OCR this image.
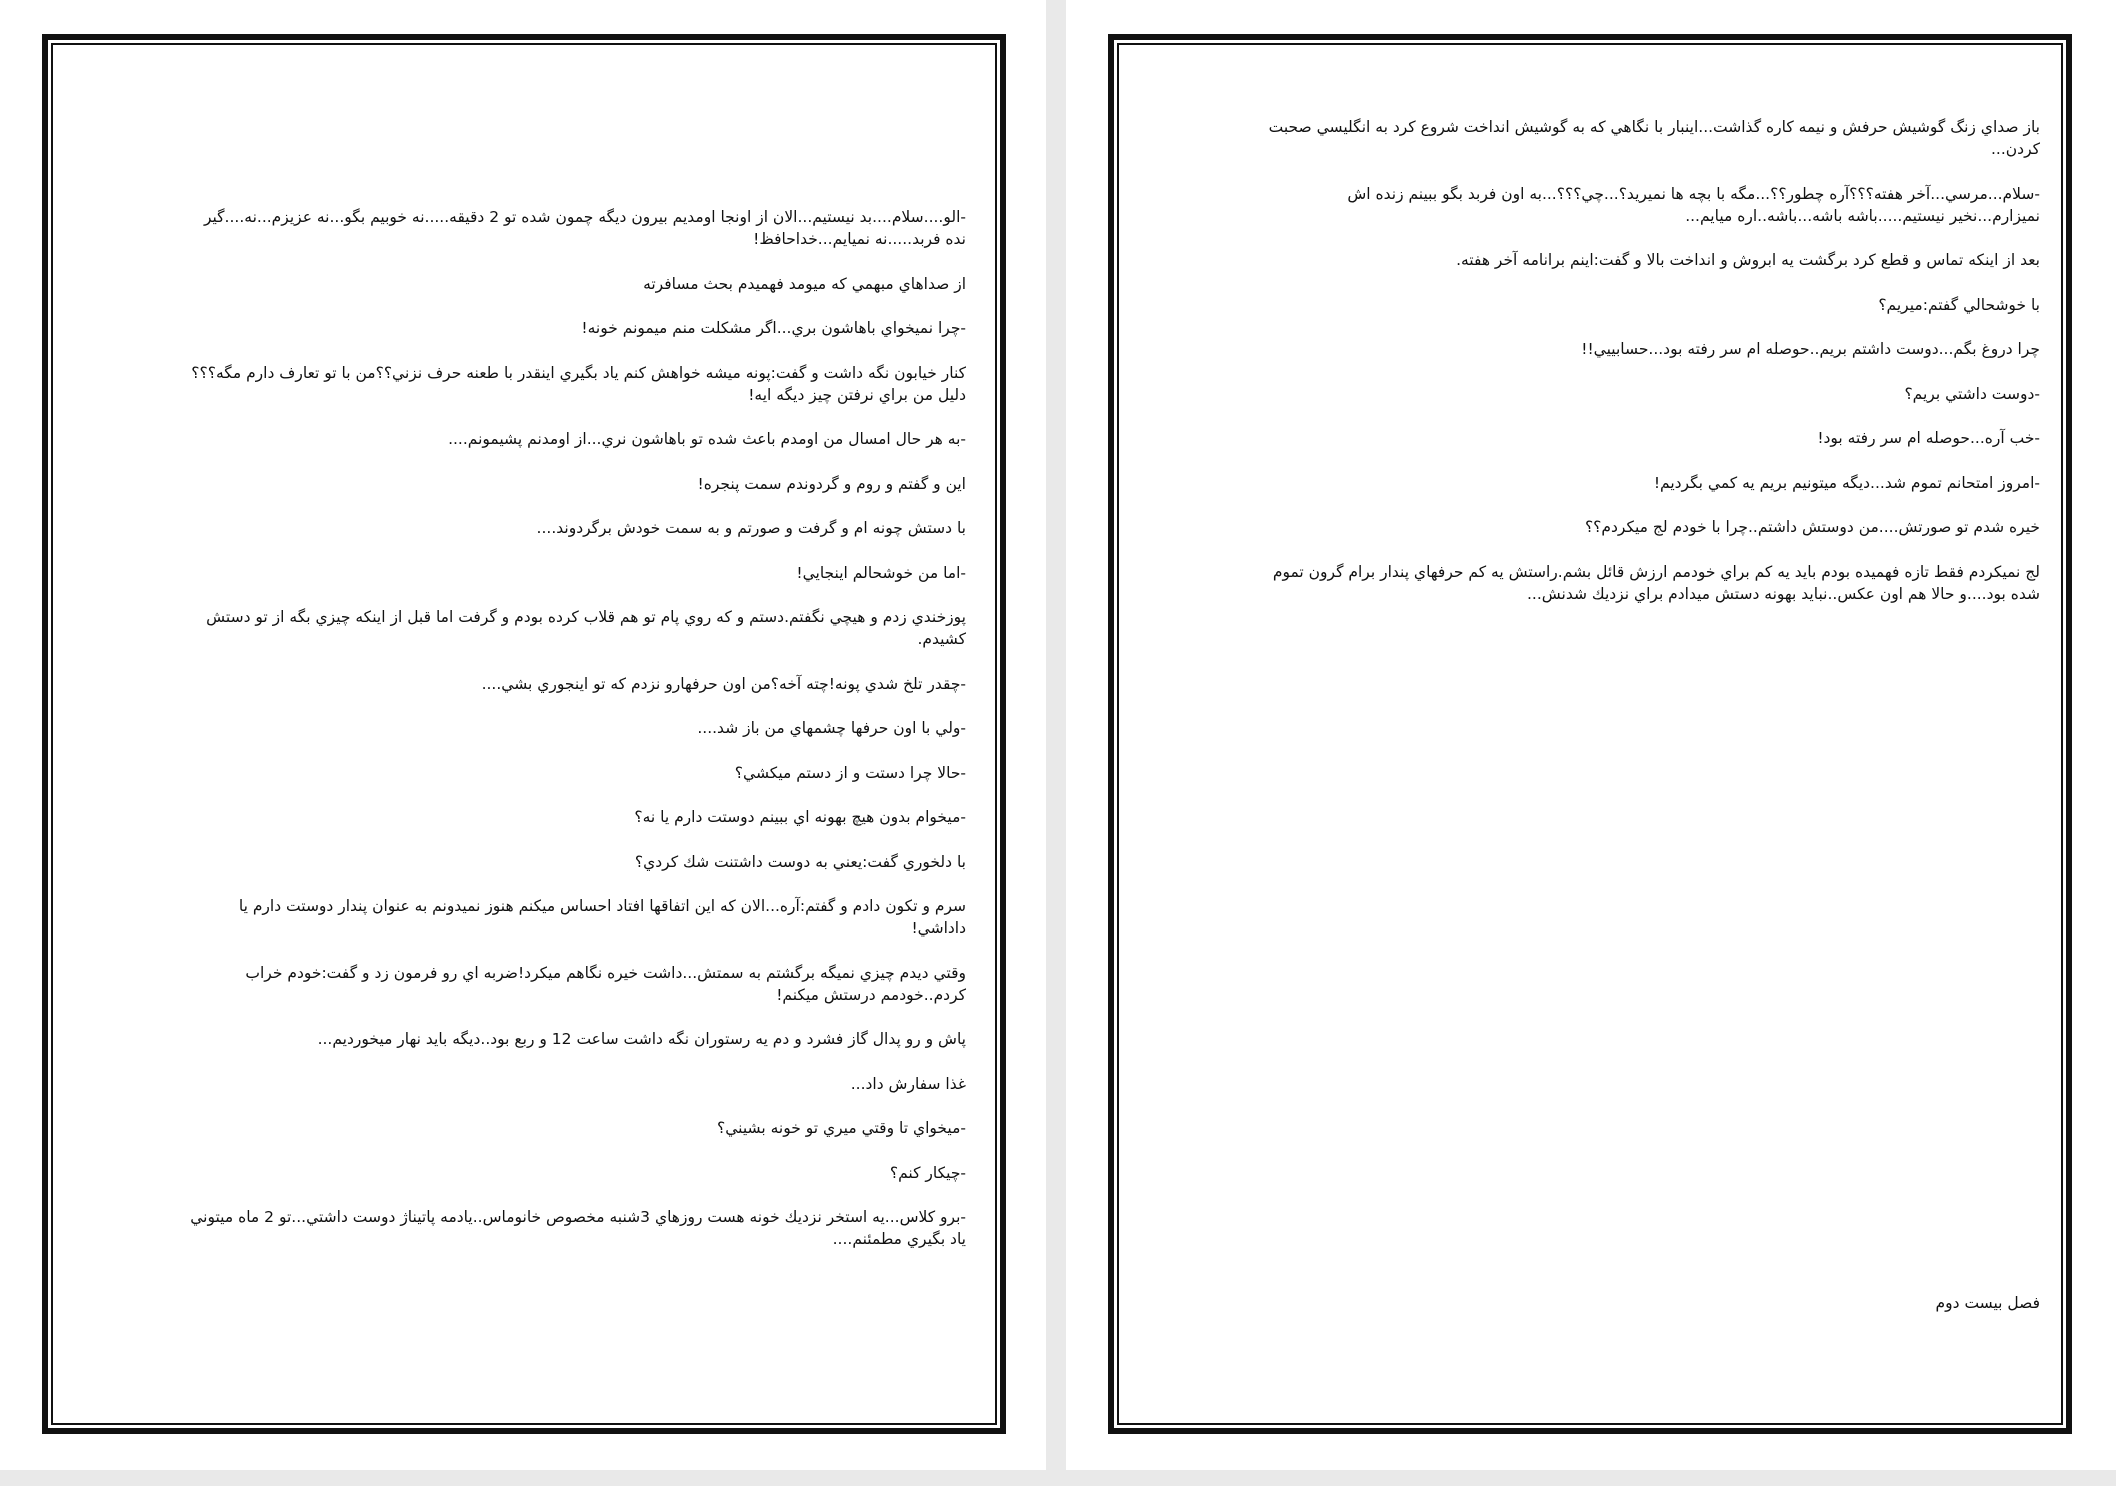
-الو....سلام....بد نيستيم...الان از اونجا اومديم بيرون ديگه چمون شده تو 2 دقيقه.....نه خوبيم بگو...نه عزيزم...نه....گير نده فربد.....نه نميايم...خداحافظ!

از صداهاي مبهمي كه ميومد فهميدم بحث مسافرته

-چرا نميخواي باهاشون بري...اگر مشكلت منم ميمونم خونه!

كنار خيابون نگه داشت و گفت:پونه ميشه خواهش كنم ياد بگيري اينقدر با طعنه حرف نزني؟؟من با تو تعارف دارم مگه؟؟؟دليل من براي نرفتن چيز ديگه ايه!

-به هر حال امسال من اومدم باعث شده تو باهاشون نري...از اومدنم پشيمونم....

اين و گفتم و روم و گردوندم سمت پنجره!

با دستش چونه ام و گرفت و صورتم و به سمت خودش برگردوند....

-اما من خوشحالم اينجايي!

پوزخندي زدم و هيچي نگفتم.دستم و كه روي پام تو هم قلاب كرده بودم و گرفت اما قبل از اينكه چيزي بگه از تو دستش كشيدم.

-چقدر تلخ شدي پونه!چته آخه؟من اون حرفهارو نزدم كه تو اينجوري بشي....

-ولي با اون حرفها چشمهاي من باز شد....

-حالا چرا دستت و از دستم ميكشي؟

-ميخوام بدون هيچ بهونه اي ببينم دوستت دارم يا نه؟

با دلخوري گفت:يعني به دوست داشتنت شك كردي؟

سرم و تكون دادم و گفتم:آره...الان كه اين اتفاقها افتاد احساس ميكنم هنوز نميدونم به عنوان پندار دوستت دارم يا داداشي!

وقتي ديدم چيزي نميگه برگشتم به سمتش...داشت خيره نگاهم ميكرد!ضربه اي رو فرمون زد و گفت:خودم خراب كردم..خودمم درستش ميكنم!

پاش و رو پدال گاز فشرد و دم يه رستوران نگه داشت ساعت 12 و ربع بود..ديگه بايد نهار ميخورديم...

غذا سفارش داد...

-ميخواي تا وقتي ميري تو خونه بشيني؟

-چيكار كنم؟

-برو كلاس...يه استخر نزديك خونه هست روزهاي 3شنبه مخصوص خانوماس..يادمه پاتيناژ دوست داشتي...تو 2 ماه ميتوني ياد بگيري مطمئنم....

باز صداي زنگ گوشيش حرفش و نيمه كاره گذاشت...اينبار با نگاهي كه به گوشيش انداخت شروع كرد به انگليسي صحبت كردن...

-سلام...مرسي...آخر هفته؟؟؟آره چطور؟؟...مگه با بچه ها نميريد؟...چي؟؟؟...به اون فربد بگو ببينم زنده اش نميزارم...نخير نيستيم.....باشه باشه...باشه..اره ميايم...

بعد از اينكه تماس و قطع كرد برگشت يه ابروش و انداخت بالا و گفت:اينم برانامه آخر هفته.

با خوشحالي گفتم:ميريم؟

چرا دروغ بگم...دوست داشتم بريم..حوصله ام سر رفته بود...حسابييي!!

-دوست داشتي بريم؟

-خب آره...حوصله ام سر رفته بود!

-امروز امتحانم تموم شد...ديگه ميتونيم بريم يه كمي بگرديم!

خيره شدم تو صورتش....من دوستش داشتم..چرا با خودم لج ميكردم؟؟

لج نميكردم فقط تازه فهميده بودم بايد يه كم براي خودمم ارزش قائل بشم.راستش يه كم حرفهاي پندار برام گرون تموم شده بود....و حالا هم اون عكس..نبايد بهونه دستش ميدادم براي نزديك شدنش...

فصل بيست دوم
